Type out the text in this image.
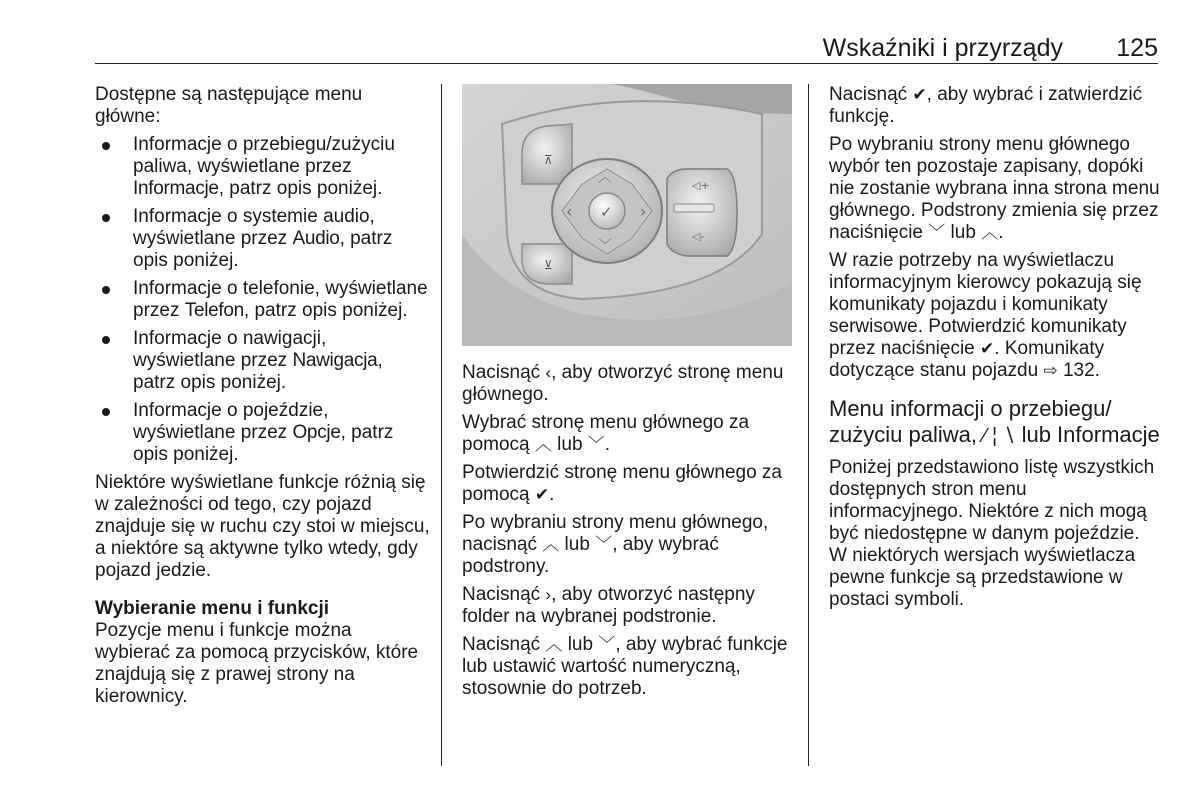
Wskaźniki i przyrządy 125

Dostępne są następujące menu główne:

Informacje o przebiegu/zużyciu paliwa, wyświetlane przez Informacje, patrz opis poniżej.
Informacje o systemie audio, wyświetlane przez Audio, patrz opis poniżej.
Informacje o telefonie, wyświetlane przez Telefon, patrz opis poniżej.
Informacje o nawigacji, wyświetlane przez Nawigacja, patrz opis poniżej.
Informacje o pojeździe, wyświetlane przez Opcje, patrz opis poniżej.

Niektóre wyświetlane funkcje różnią się w zależności od tego, czy pojazd znajduje się w ruchu czy stoi w miejscu, a niektóre są aktywne tylko wtedy, gdy pojazd jedzie.

Wybieranie menu i funkcji

Pozycje menu i funkcje można wybierać za pomocą przycisków, które znajdują się z prawej strony na kierownicy.

⊼
⊻
︿
﹀
‹	›
✓
◁+
◁-

Nacisnąć ‹, aby otworzyć stronę menu głównego.

Wybrać stronę menu głównego za pomocą ︿ lub ﹀.

Potwierdzić stronę menu głównego za pomocą ✔.

Po wybraniu strony menu głównego, nacisnąć ︿ lub ﹀, aby wybrać podstrony.

Nacisnąć ›, aby otworzyć następny folder na wybranej podstronie.

Nacisnąć ︿ lub ﹀, aby wybrać funkcje lub ustawić wartość numeryczną, stosownie do potrzeb.

Nacisnąć ✔, aby wybrać i zatwierdzić funkcję.

Po wybraniu strony menu głównego wybór ten pozostaje zapisany, dopóki nie zostanie wybrana inna strona menu głównego. Podstrony zmienia się przez naciśnięcie ﹀ lub ︿.

W razie potrzeby na wyświetlaczu informacyjnym kierowcy pokazują się komunikaty pojazdu i komunikaty serwisowe. Potwierdzić komunikaty przez naciśnięcie ✔. Komunikaty dotyczące stanu pojazdu ⇨ 132.

Menu informacji o przebiegu/ zużyciu paliwa, ⁄ ¦ ∖ lub Informacje

Poniżej przedstawiono listę wszystkich dostępnych stron menu informacyjnego. Niektóre z nich mogą być niedostępne w danym pojeździe. W niektórych wersjach wyświetlacza pewne funkcje są przedstawione w postaci symboli.
